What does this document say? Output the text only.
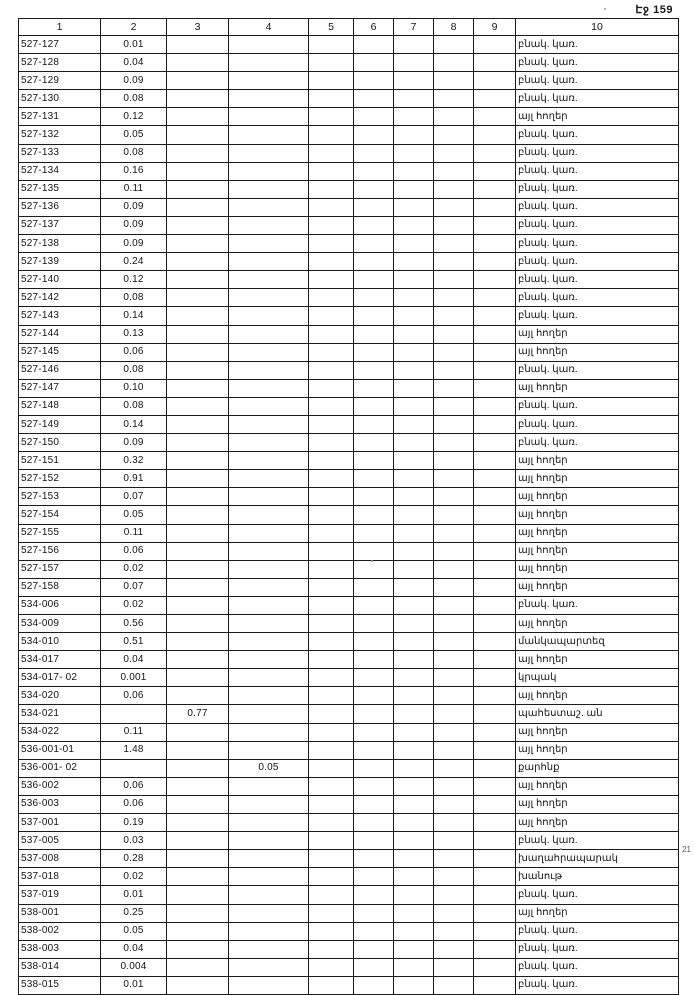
Էջ 159
1	2	3	4	5	6	7	8	9	10
527-127	0.01								բնակ. կառ.
527-128	0.04								բնակ. կառ.
527-129	0.09								բնակ. կառ.
527-130	0.08								բնակ. կառ.
527-131	0.12								այլ հողեր
527-132	0.05								բնակ. կառ.
527-133	0.08								բնակ. կառ.
527-134	0.16								բնակ. կառ.
527-135	0.11								բնակ. կառ.
527-136	0.09								բնակ. կառ.
527-137	0.09								բնակ. կառ.
527-138	0.09								բնակ. կառ.
527-139	0.24								բնակ. կառ.
527-140	0.12								բնակ. կառ.
527-142	0.08								բնակ. կառ.
527-143	0.14								բնակ. կառ.
527-144	0.13								այլ հողեր
527-145	0.06								այլ հողեր
527-146	0.08								բնակ. կառ.
527-147	0.10								այլ հողեր
527-148	0.08								բնակ. կառ.
527-149	0.14								բնակ. կառ.
527-150	0.09								բնակ. կառ.
527-151	0.32								այլ հողեր
527-152	0.91								այլ հողեր
527-153	0.07								այլ հողեր
527-154	0.05								այլ հողեր
527-155	0.11								այլ հողեր
527-156	0.06								այլ հողեր
527-157	0.02								այլ հողեր
527-158	0.07								այլ հողեր
534-006	0.02								բնակ. կառ.
534-009	0.56								այլ հողեր
534-010	0.51								մանկապարտեզ
534-017	0.04								այլ հողեր
534-017- 02	0.001								կրպակ
534-020	0.06								այլ հողեր
534-021		0.77							պահեստաշ. ան
534-022	0.11								այլ հողեր
536-001-01	1.48								այլ հողեր
536-001- 02			0.05						քարհնք
536-002	0.06								այլ հողեր
536-003	0.06								այլ հողեր
537-001	0.19								այլ հողեր
537-005	0.03								բնակ. կառ.
537-008	0.28								խաղահրապարակ
537-018	0.02								խանութ
537-019	0.01								բնակ. կառ.
538-001	0.25								այլ հողեր
538-002	0.05								բնակ. կառ.
538-003	0.04								բնակ. կառ.
538-014	0.004								բնակ. կառ.
538-015	0.01								բնակ. կառ.
21
